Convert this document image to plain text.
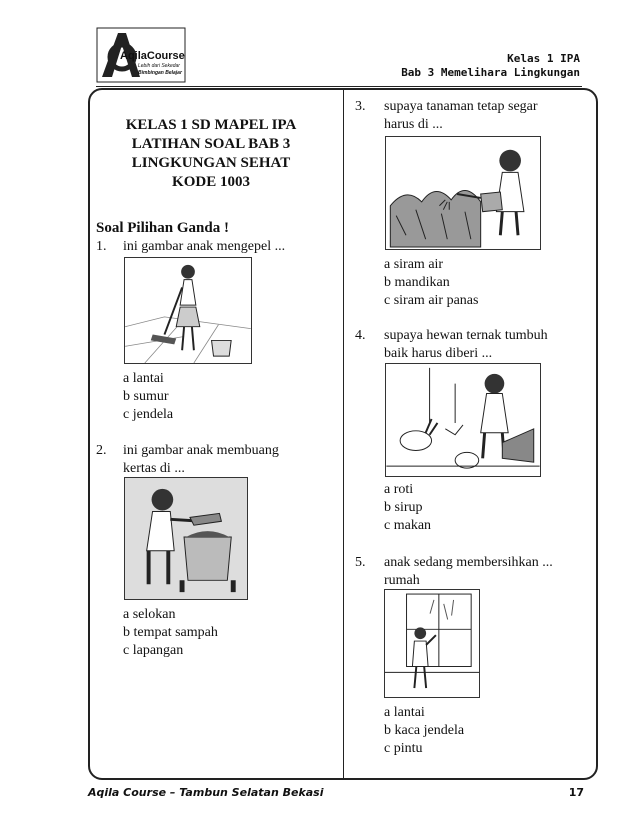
AqilaCourse
Lebih dari Sekedar
Bimbingan Belajar
Kelas 1 IPA
Bab 3 Memelihara Lingkungan
KELAS 1 SD MAPEL IPA
LATIHAN SOAL BAB 3
LINGKUNGAN SEHAT
KODE 1003
Soal Pilihan Ganda !
1. ini gambar anak mengepel ...
a lantai
b sumur
c jendela
2. ini gambar anak membuang
kertas di ...
a selokan
b tempat sampah
c lapangan
3. supaya tanaman tetap segar
harus di ...
a siram air
b mandikan
c siram air panas
4. supaya hewan ternak tumbuh
baik harus diberi ...
a roti
b sirup
c makan
5. anak sedang membersihkan ...
rumah
a lantai
b kaca jendela
c pintu
Aqila Course – Tambun Selatan Bekasi	17
